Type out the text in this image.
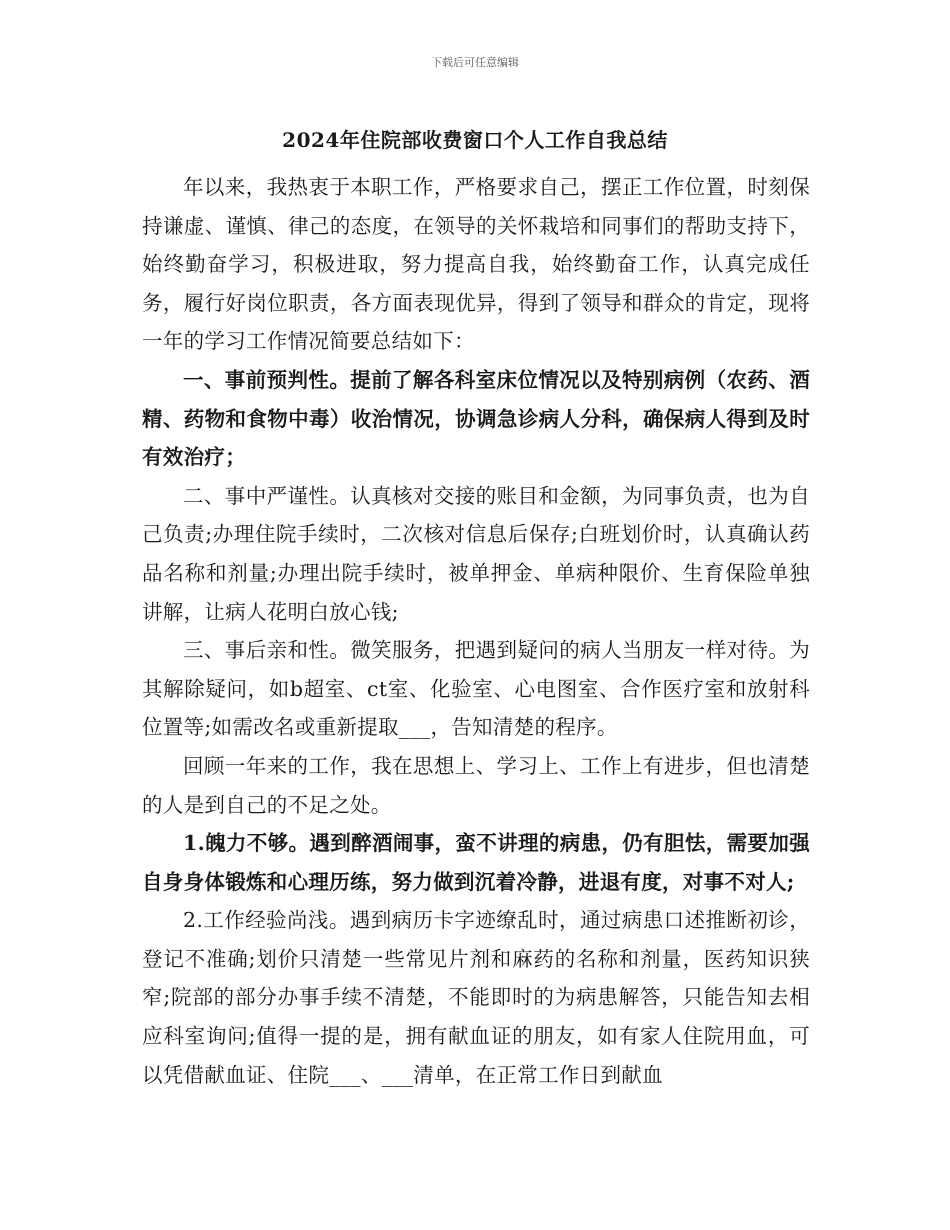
下载后可任意编辑
2024年住院部收费窗口个人工作自我总结

年以来，我热衷于本职工作，严格要求自己，摆正工作位置，时刻保持谦虚、谨慎、律己的态度，在领导的关怀栽培和同事们的帮助支持下，始终勤奋学习，积极进取，努力提高自我，始终勤奋工作，认真完成任务，履行好岗位职责，各方面表现优异，得到了领导和群众的肯定，现将一年的学习工作情况简要总结如下：

一、事前预判性。提前了解各科室床位情况以及特别病例（农药、酒精、药物和食物中毒）收治情况，协调急诊病人分科，确保病人得到及时有效治疗；

二、事中严谨性。认真核对交接的账目和金额，为同事负责，也为自己负责;办理住院手续时，二次核对信息后保存;白班划价时，认真确认药品名称和剂量;办理出院手续时，被单押金、单病种限价、生育保险单独讲解，让病人花明白放心钱;

三、事后亲和性。微笑服务，把遇到疑问的病人当朋友一样对待。为其解除疑问，如b超室、ct室、化验室、心电图室、合作医疗室和放射科位置等;如需改名或重新提取___，告知清楚的程序。

回顾一年来的工作，我在思想上、学习上、工作上有进步，但也清楚的人是到自己的不足之处。

1.魄力不够。遇到醉酒闹事，蛮不讲理的病患，仍有胆怯，需要加强自身身体锻炼和心理历练，努力做到沉着冷静，进退有度，对事不对人;

2.工作经验尚浅。遇到病历卡字迹缭乱时，通过病患口述推断初诊，登记不准确;划价只清楚一些常见片剂和麻药的名称和剂量，医药知识狭窄;院部的部分办事手续不清楚，不能即时的为病患解答，只能告知去相应科室询问;值得一提的是，拥有献血证的朋友，如有家人住院用血，可以凭借献血证、住院___、___清单，在正常工作日到献血
